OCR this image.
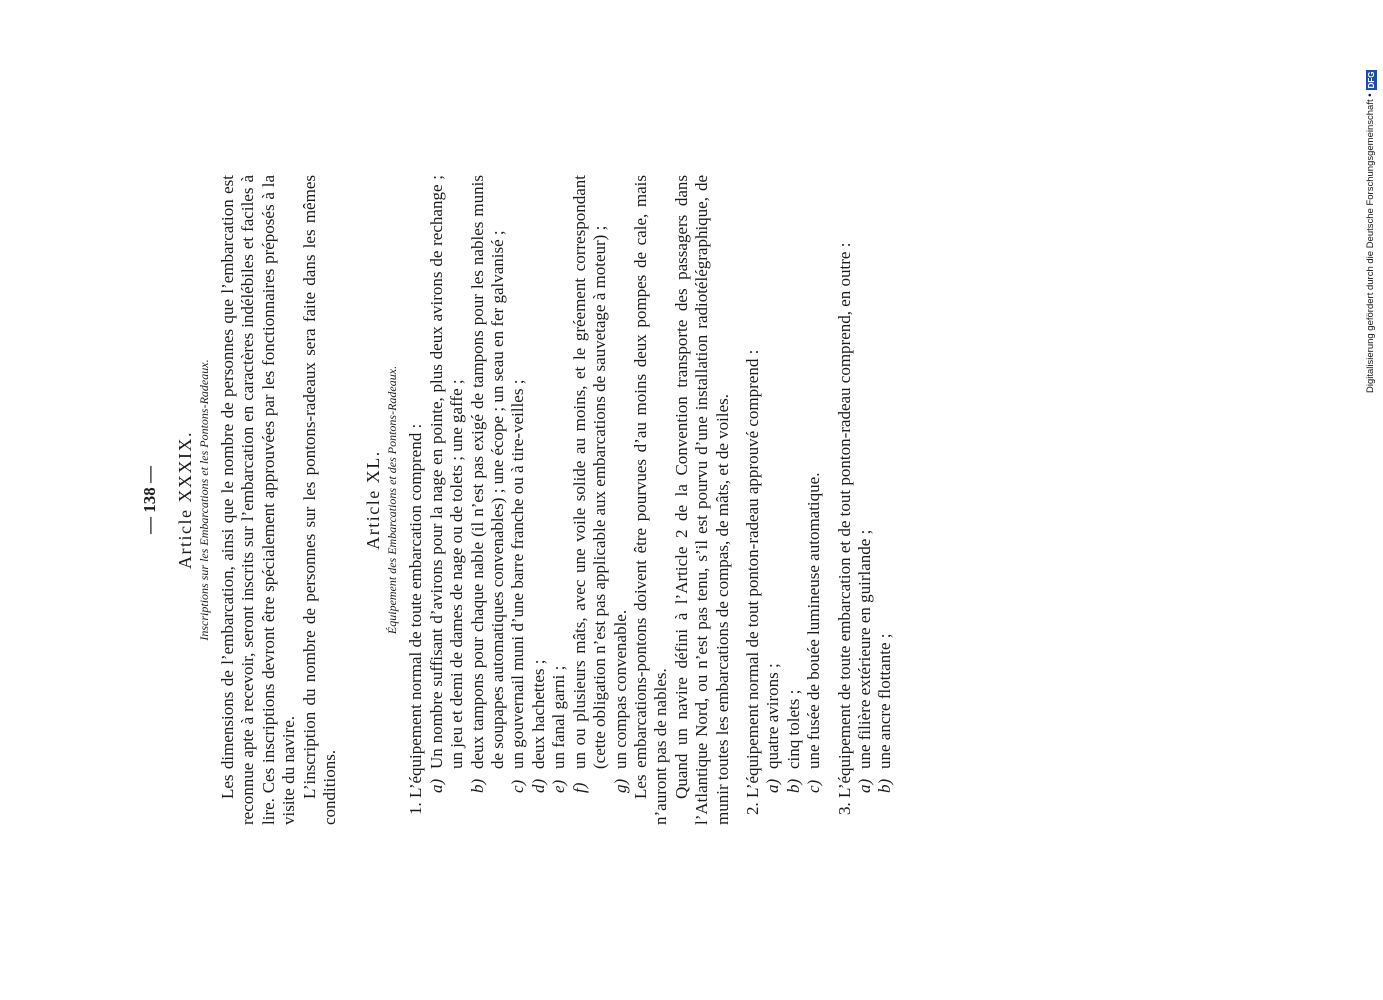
— 138 — Article XXXIX. Inscriptions sur les Embarcations et les Pontons-Radeaux. Les dimensions de l’embarcation, ainsi que le nombre de personnes que l’embarcation est reconnue apte à recevoir, seront inscrits sur l’embarcation en caractères indélébiles et faciles à lire. Ces inscriptions devront être spécialement approuvées par les fonctionnaires préposés à la visite du navire. L’inscription du nombre de personnes sur les pontons-radeaux sera faite dans les mêmes conditions.

Article XL. Équipement des Embarcations et des Pontons-Radeaux. 1. L’équipement normal de toute embarcation comprend : a)
Un nombre suffisant d’avirons pour la nage en pointe, plus deux avirons de rechange ; un jeu et demi de dames de nage ou de tolets ; une gaffe ;
b)
deux tampons pour chaque nable (il n’est pas exigé de tampons pour les nables munis de soupapes automatiques convenables) ; une écope ; un seau en fer galvanisé ;
c)
un gouvernail muni d’une barre franche ou à tire-veilles ;
d)
deux hachettes ;
e)
un fanal garni ;
f)
un ou plusieurs mâts, avec une voile solide au moins, et le gréement correspondant (cette obligation n’est pas applicable aux embarcations de sauvetage à moteur) ;
g)
un compas convenable. Les embarcations-pontons doivent être pourvues d’au moins deux pompes de cale, mais n’auront pas de nables. Quand un navire défini à l’Article 2 de la Convention transporte des passagers dans l’Atlantique Nord, ou n’est pas tenu, s’il est pourvu d’une installation radiotélégraphique, de munir toutes les embarcations de compas, de mâts, et de voiles. 2. L’équipement normal de tout ponton-radeau approuvé comprend : a)
quatre avirons ;
b)
cinq tolets ;
c)
une fusée de bouée lumineuse automatique. 3. L’équipement de toute embarcation et de tout ponton-radeau comprend, en outre : a)
une filière extérieure en guirlande ;
b)
une ancre flottante ;
Digitalisierung gefördert durch die Deutsche Forschungsgemeinschaft •
DFG
